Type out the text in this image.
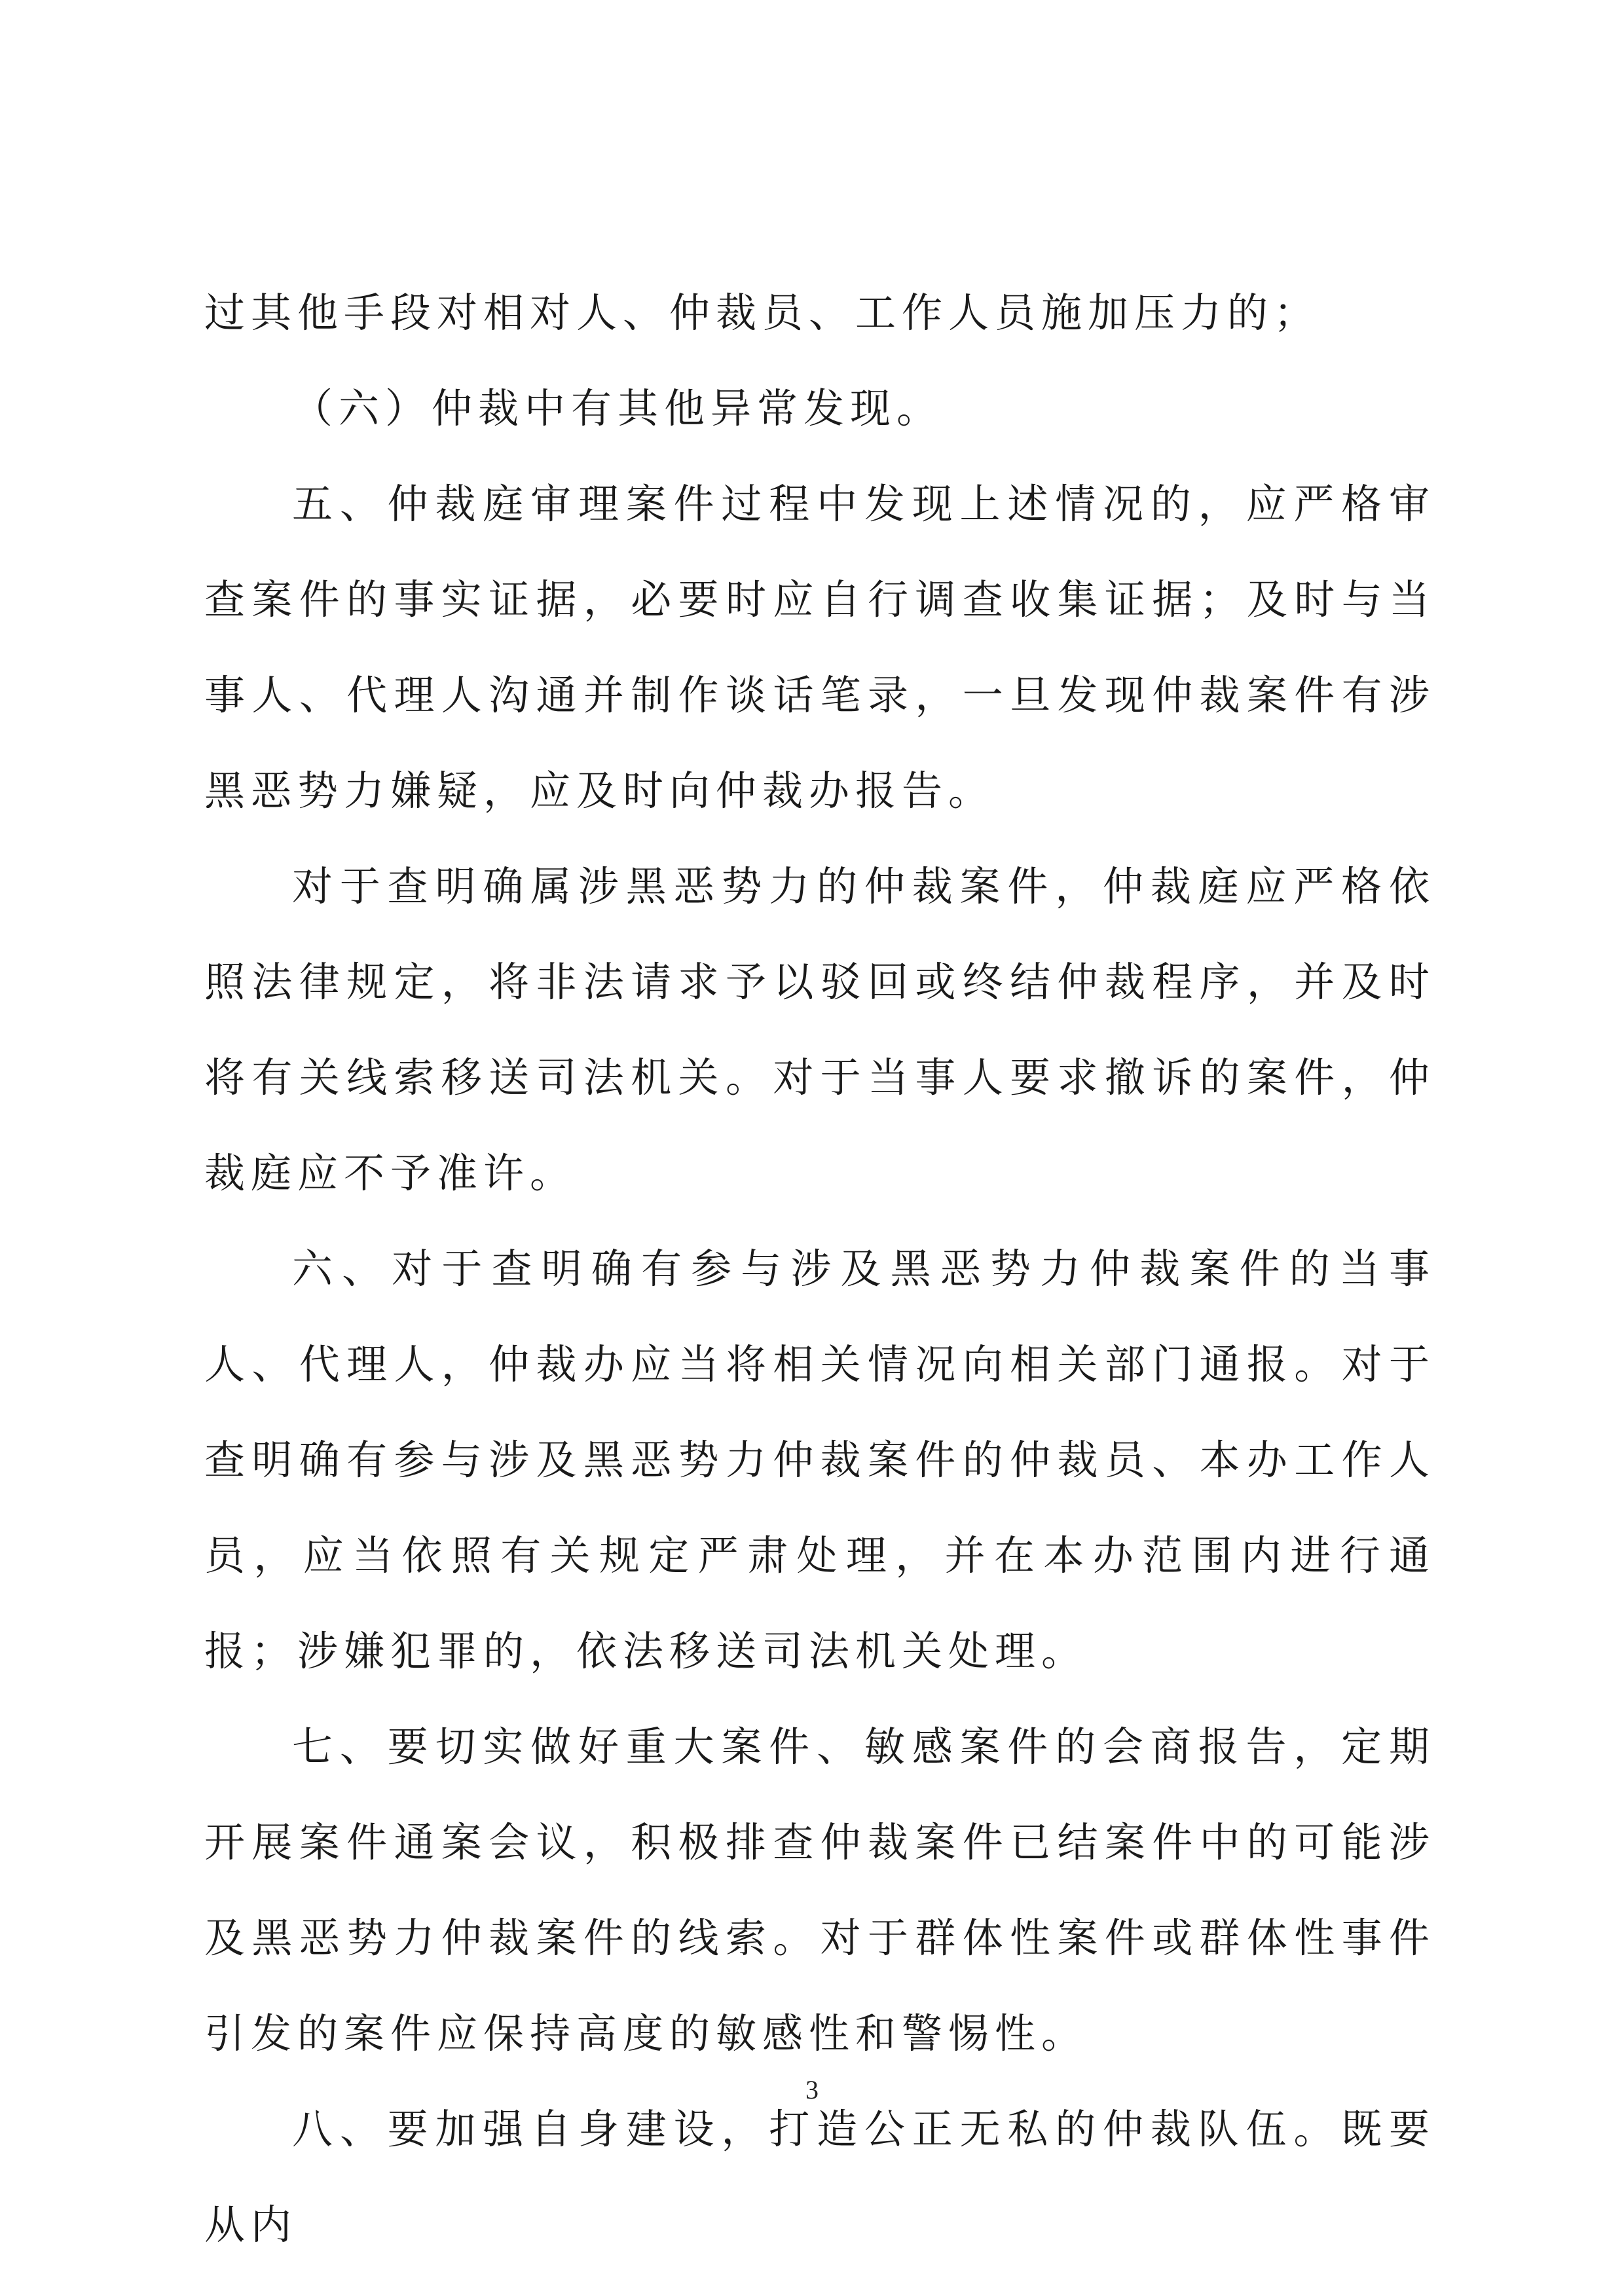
过其他手段对相对人、仲裁员、工作人员施加压力的；

（六）仲裁中有其他异常发现。

五、仲裁庭审理案件过程中发现上述情况的，应严格审查案件的事实证据，必要时应自行调查收集证据；及时与当事人、代理人沟通并制作谈话笔录，一旦发现仲裁案件有涉黑恶势力嫌疑，应及时向仲裁办报告。

对于查明确属涉黑恶势力的仲裁案件，仲裁庭应严格依照法律规定，将非法请求予以驳回或终结仲裁程序，并及时将有关线索移送司法机关。对于当事人要求撤诉的案件，仲裁庭应不予准许。

六、对于查明确有参与涉及黑恶势力仲裁案件的当事人、代理人，仲裁办应当将相关情况向相关部门通报。对于查明确有参与涉及黑恶势力仲裁案件的仲裁员、本办工作人员，应当依照有关规定严肃处理，并在本办范围内进行通报；涉嫌犯罪的，依法移送司法机关处理。

七、要切实做好重大案件、敏感案件的会商报告，定期开展案件通案会议，积极排查仲裁案件已结案件中的可能涉及黑恶势力仲裁案件的线索。对于群体性案件或群体性事件引发的案件应保持高度的敏感性和警惕性。

八、要加强自身建设，打造公正无私的仲裁队伍。既要从内

3
